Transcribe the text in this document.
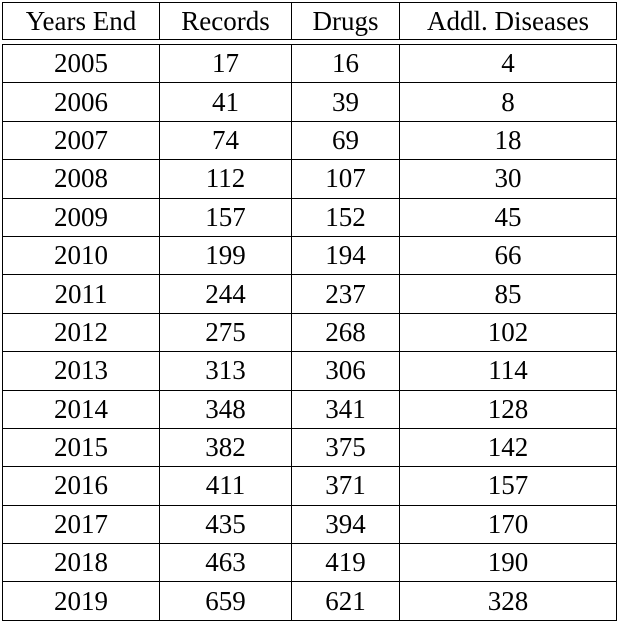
Years End	Records	Drugs	Addl. Diseases

2005	17	16	4
2006	41	39	8
2007	74	69	18
2008	112	107	30
2009	157	152	45
2010	199	194	66
2011	244	237	85
2012	275	268	102
2013	313	306	114
2014	348	341	128
2015	382	375	142
2016	411	371	157
2017	435	394	170
2018	463	419	190
2019	659	621	328
